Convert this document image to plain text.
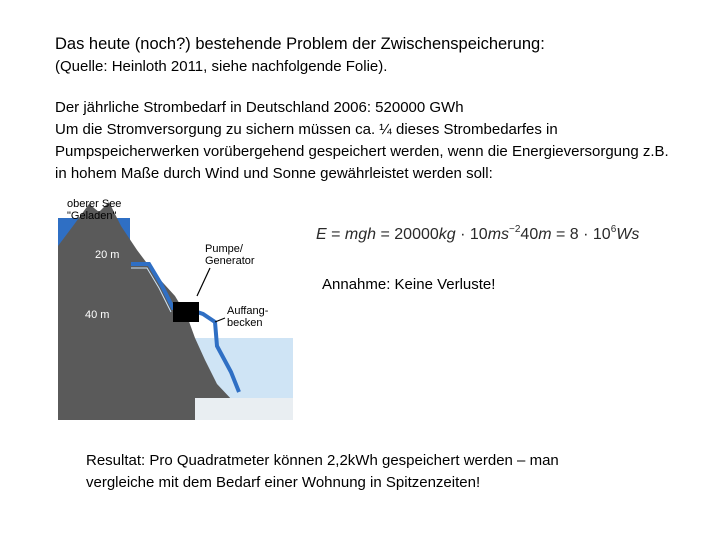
Das heute (noch?) bestehende Problem der Zwischenspeicherung:
(Quelle: Heinloth 2011, siehe nachfolgende Folie).
Der jährliche Strombedarf in Deutschland 2006: 520000 GWh
Um die Stromversorgung zu sichern müssen ca. ¼ dieses Strombedarfes in
Pumpspeicherwerken vorübergehend gespeichert werden, wenn die Energieversorgung z.B.
in hohem Maße durch Wind und Sonne gewährleistet werden soll:
oberer See
"Geladen"
20 m
40 m
Pumpe/
Generator
Auffang-
becken
E = mgh = $20000kg \cdot 10ms^{-2}40m = 8 \cdot 10^6Ws$
Annahme: Keine Verluste!
Resultat: Pro Quadratmeter können 2,2kWh gespeichert werden – man
vergleiche mit dem Bedarf einer Wohnung in Spitzenzeiten!
